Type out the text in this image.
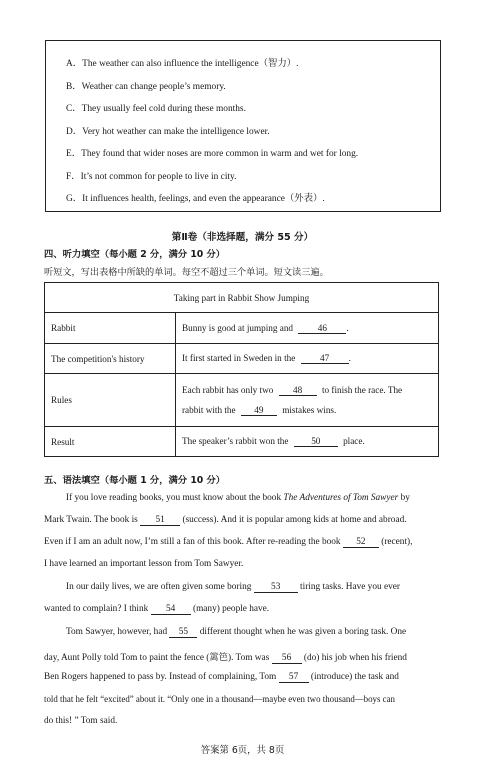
A．The weather can also influence the intelligence（智力）.
B．Weather can change people’s memory.
C．They usually feel cold during these months.
D．Very hot weather can make the intelligence lower.
E．They found that wider noses are more common in warm and wet for long.
F．It’s not common for people to live in city.
G．It influences health, feelings, and even the appearance（外表）.
第Ⅱ卷（非选择题，满分 55 分）
四、听力填空（每小题 2 分，满分 10 分）
听短文，写出表格中所缺的单词。每空不超过三个单词。短文读三遍。
Taking part in Rabbit Show Jumping	
Rabbit	Bunny is good at jumping and 46 .
The competition's history	It first started in Sweden in the 47 .
Rules	Each rabbit has only two 48 to finish the race. The
rabbit with the 49 mistakes wins.

Result	The speaker’s rabbit won the 50 place.
五、语法填空（每小题 1 分，满分 10 分）
If you love reading books, you must know about the book The Adventures of Tom Sawyer by
Mark Twain. The book is 51 (success). And it is popular among kids at home and abroad.
Even if I am an adult now, I’m still a fan of this book. After re-reading the book 52 (recent),
I have learned an important lesson from Tom Sawyer.
In our daily lives, we are often given some boring 53 tiring tasks. Have you ever
wanted to complain? I think 54 (many) people have.
Tom Sawyer, however, had 55 different thought when he was given a boring task. One
day, Aunt Polly told Tom to paint the fence (篱笆). Tom was 56 (do) his job when his friend
Ben Rogers happened to pass by. Instead of complaining, Tom 57 (introduce) the task and
told that he felt “excited” about it. “Only one in a thousand—maybe even two thousand—boys can
do this! ” Tom said.
答案第 6页，共 8页
